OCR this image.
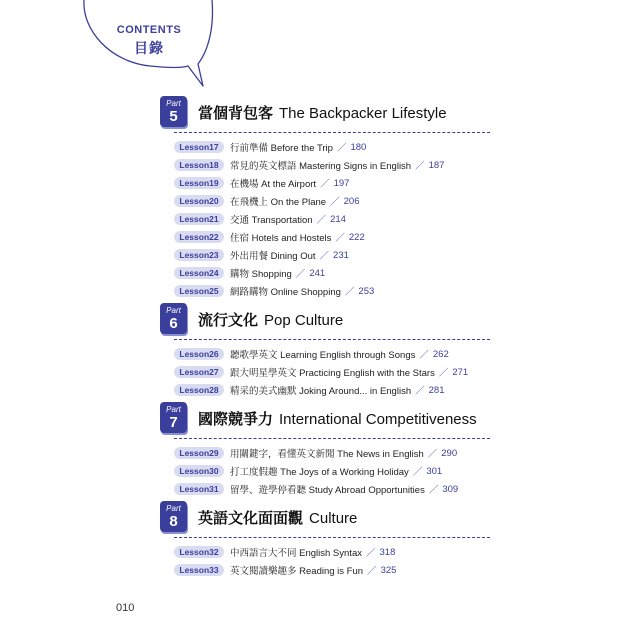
CONTENTS
目錄
Part
5	當個背包客 The Backpacker Lifestyle
Lesson17	行前準備 Before the Trip ／ 180
Lesson18	常見的英文標語 Mastering Signs in English ／ 187
Lesson19	在機場 At the Airport ／ 197
Lesson20	在飛機上 On the Plane ／ 206
Lesson21	交通 Transportation ／ 214
Lesson22	住宿 Hotels and Hostels ／ 222
Lesson23	外出用餐 Dining Out ／ 231
Lesson24	購物 Shopping ／ 241
Lesson25	網路購物 Online Shopping ／ 253
Part
6	流行文化 Pop Culture
Lesson26	聽歌學英文 Learning English through Songs ／ 262
Lesson27	跟大明星學英文 Practicing English with the Stars ／ 271
Lesson28	精采的美式幽默 Joking Around... in English ／ 281
Part
7	國際競爭力 International Competitiveness
Lesson29	用關鍵字，看懂英文新聞 The News in English ／ 290
Lesson30	打工度假趣 The Joys of a Working Holiday ／ 301
Lesson31	留學、遊學停看聽 Study Abroad Opportunities ／ 309
Part
8	英語文化面面觀 Culture
Lesson32	中西語言大不同 English Syntax ／ 318
Lesson33	英文閱讀樂趣多 Reading is Fun ／ 325
010
